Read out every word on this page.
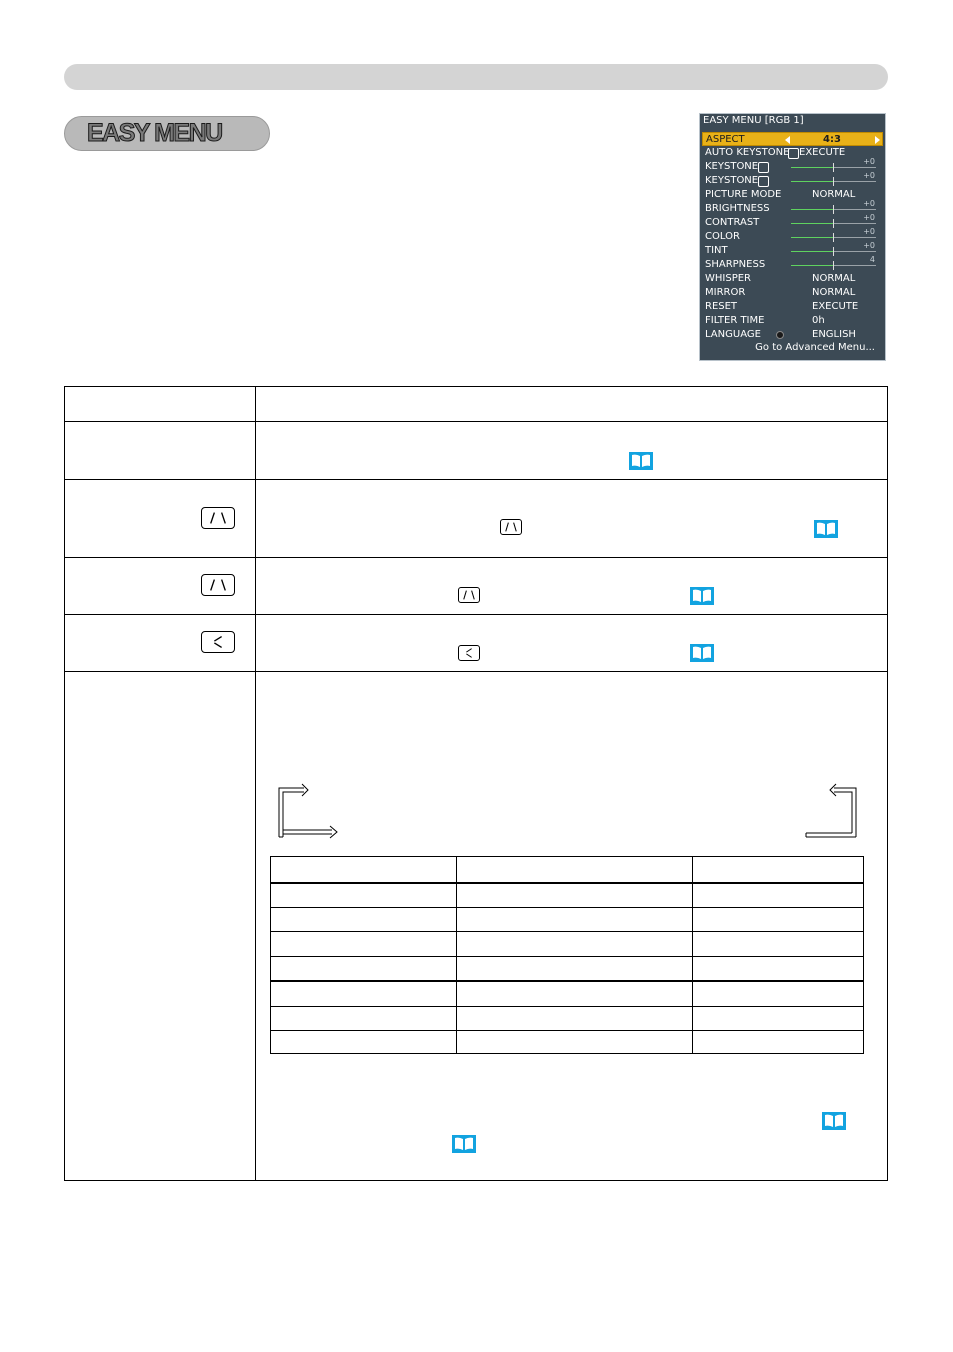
EASY MENU	EASY MENU [RGB 1]
ASPECT	4:3
AUTO KEYSTONE EXECUTE
KEYSTONE	+0
KEYSTONE	+0
PICTURE MODE	NORMAL
BRIGHTNESS	+0
CONTRAST	+0
COLOR	+0
TINT	+0
SHARPNESS	4
WHISPER	NORMAL
MIRROR	NORMAL
RESET	EXECUTE
FILTER TIME	0h
LANGUAGE	ENGLISH
Go to Advanced Menu...
